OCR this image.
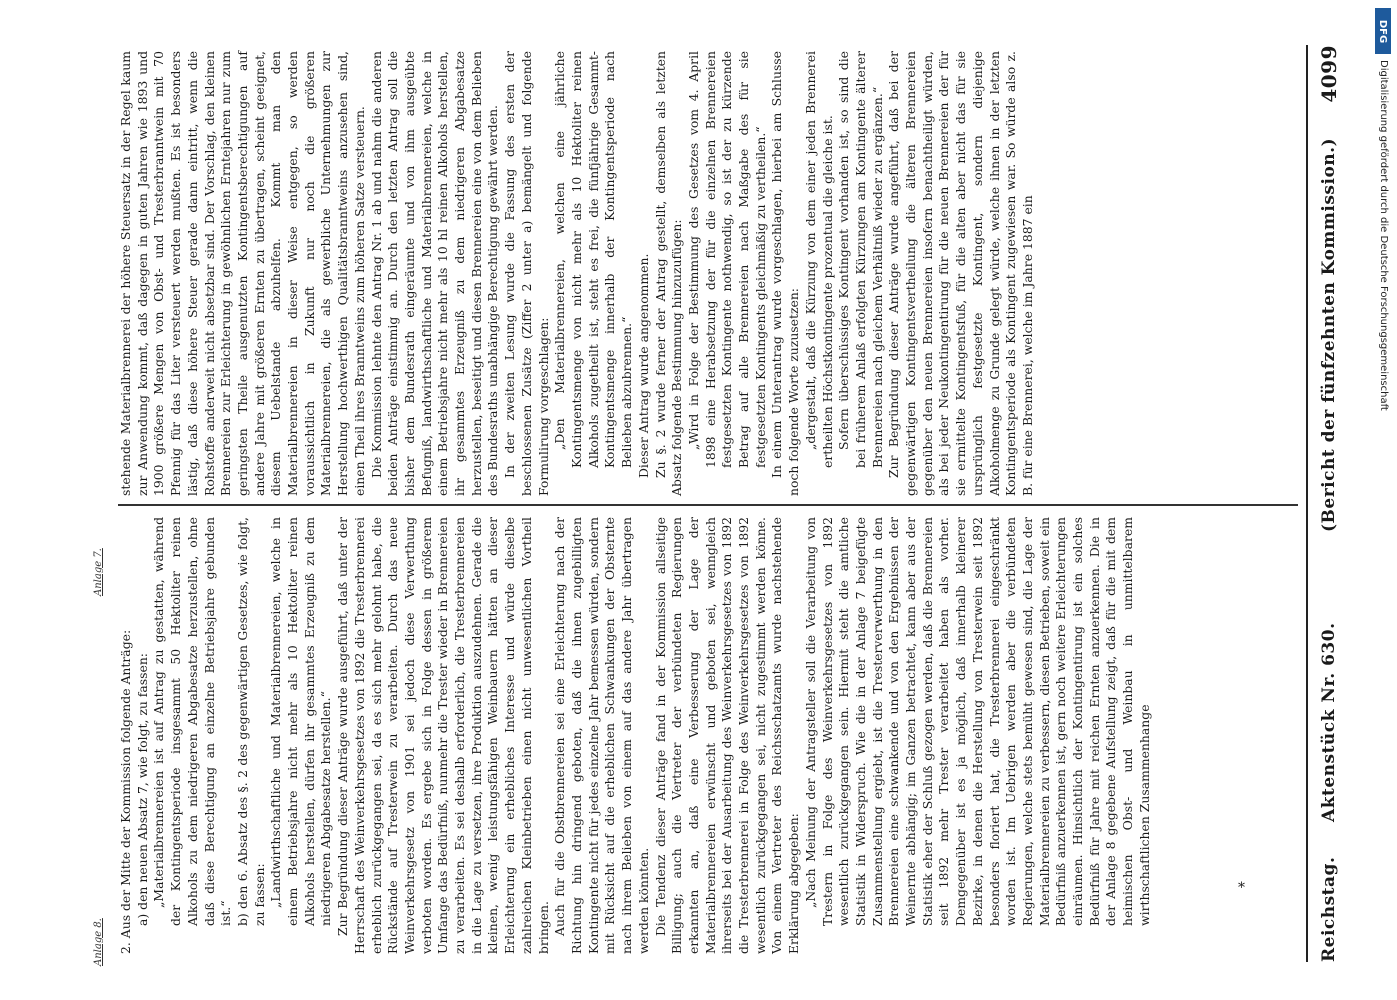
Reichstag.
Aktenstück Nr. 630.
(Bericht der fünfzehnten Kommission.)
4099

2. Aus der Mitte der Kommission folgende Anträge: a) den neuen Absatz 7, wie folgt, zu fassen: „Materialbrennereien ist auf Antrag zu gestatten, während der Kontingentsperiode insgesammt 50 Hektoliter reinen Alkohols zu dem niedrigeren Abgabesatze herzustellen, ohne daß diese Berechtigung an einzelne Betriebsjahre gebunden ist.“ b) den 6. Absatz des §. 2 des gegenwärtigen Gesetzes, wie folgt, zu fassen: „Landwirthschaftliche und Materialbrennereien, welche in einem Betriebsjahre nicht mehr als 10 Hektoliter reinen Alkohols herstellen, dürfen ihr gesammtes Erzeugniß zu dem niedrigeren Abgabesatze herstellen.“ Zur Begründung dieser Anträge wurde ausgeführt, daß unter der Herrschaft des Weinverkehrsgesetzes von 1892 die Tresterbrennerei erheblich zurückgegangen sei, da es sich mehr gelohnt habe, die Rückstände auf Tresterwein zu verarbeiten. Durch das neue Weinverkehrsgesetz von 1901 sei jedoch diese Verwerthung verboten worden. Es ergebe sich in Folge dessen in größerem Umfange das Bedürfniß, nunmehr die Trester wieder in Brennereien zu verarbeiten. Es sei deshalb erforderlich, die Tresterbrennereien in die Lage zu versetzen, ihre Produktion auszudehnen. Gerade die kleinen, wenig leistungsfähigen Weinbauern hätten an dieser Erleichterung ein erhebliches Interesse und würde dieselbe zahlreichen Kleinbetrieben einen nicht unwesentlichen Vortheil bringen. Auch für die Obstbrennereien sei eine Erleichterung nach der Richtung hin dringend geboten, daß die ihnen zugebilligten Kontingente nicht für jedes einzelne Jahr bemessen würden, sondern mit Rücksicht auf die erheblichen Schwankungen der Obsternte nach ihrem Belieben von einem auf das andere Jahr übertragen werden könnten. Die Tendenz dieser Anträge fand in der Kommission allseitige Billigung; auch die Vertreter der verbündeten Regierungen erkannten an, daß eine Verbesserung der Lage der Materialbrennereien erwünscht und geboten sei, wenngleich ihrerseits bei der Ausarbeitung des Weinverkehrsgesetzes von 1892 die Tresterbrennerei in Folge des Weinverkehrsgesetzes von 1892 wesentlich zurückgegangen sei, nicht zugestimmt werden könne. Von einem Vertreter des Reichsschatzamts wurde nachstehende Erklärung abgegeben: „Nach Meinung der Antragsteller soll die Verarbeitung von Trestern in Folge des Weinverkehrsgesetzes von 1892 wesentlich zurückgegangen sein. Hiermit steht die amtliche Statistik in Widerspruch. Wie die in der Anlage 7 beigefügte Zusammenstellung ergiebt, ist die Tresterverwerthung in den Brennereien eine schwankende und von den Ergebnissen der Weinernte abhängig; im Ganzen betrachtet, kann aber aus der Statistik eher der Schluß gezogen werden, daß die Brennereien seit 1892 mehr Trester verarbeitet haben als vorher. Demgegenüber ist es ja möglich, daß innerhalb kleinerer Bezirke, in denen die Herstellung von Tresterwein seit 1892 besonders floriert hat, die Tresterbrennerei eingeschränkt worden ist. Im Uebrigen werden aber die verbündeten Regierungen, welche stets bemüht gewesen sind, die Lage der Materialbrennereien zu verbessern, diesen Betrieben, soweit ein Bedürfniß anzuerkennen ist, gern noch weitere Erleichterungen einräumen. Hinsichtlich der Kontingentirung ist ein solches Bedürfniß für Jahre mit reichen Ernten anzuerkennen. Die in der Anlage 8 gegebene Aufstellung zeigt, daß für die mit dem heimischen Obst- und Weinbau in unmittelbarem wirthschaftlichen Zusammenhange

stehende Materialbrennerei der höhere Steuersatz in der Regel kaum zur Anwendung kommt, daß dagegen in guten Jahren wie 1893 und 1900 größere Mengen von Obst- und Tresterbranntwein mit 70 Pfennig für das Liter versteuert werden mußten. Es ist besonders lästig, daß diese höhere Steuer gerade dann eintritt, wenn die Rohstoffe anderweit nicht absetzbar sind. Der Vorschlag, den kleinen Brennereien zur Erleichterung in gewöhnlichen Erntejahren nur zum geringsten Theile ausgenutzten Kontingentsberechtigungen auf andere Jahre mit größeren Ernten zu übertragen, scheint geeignet, diesem Uebelstande abzuhelfen. Kommt man den Materialbrennereien in dieser Weise entgegen, so werden voraussichtlich in Zukunft nur noch die größeren Materialbrennereien, die als gewerbliche Unternehmungen zur Herstellung hochwerthigen Qualitätsbranntweins anzusehen sind, einen Theil ihres Branntweins zum höheren Satze versteuern. Die Kommission lehnte den Antrag Nr. 1 ab und nahm die anderen beiden Anträge einstimmig an. Durch den letzten Antrag soll die bisher dem Bundesrath eingeräumte und von ihm ausgeübte Befugniß, landwirthschaftliche und Materialbrennereien, welche in einem Betriebsjahre nicht mehr als 10 hl reinen Alkohols herstellen, ihr gesammtes Erzeugniß zu dem niedrigeren Abgabesatze herzustellen, beseitigt und diesen Brennereien eine von dem Belieben des Bundesraths unabhängige Berechtigung gewährt werden. In der zweiten Lesung wurde die Fassung des ersten der beschlossenen Zusätze (Ziffer 2 unter a) bemängelt und folgende Formulirung vorgeschlagen: „Den Materialbrennereien, welchen eine jährliche Kontingentsmenge von nicht mehr als 10 Hektoliter reinen Alkohols zugetheilt ist, steht es frei, die fünfjährige Gesammt-Kontingentsmenge innerhalb der Kontingentsperiode nach Belieben abzubrennen.“ Dieser Antrag wurde angenommen. Zu §. 2 wurde ferner der Antrag gestellt, demselben als letzten Absatz folgende Bestimmung hinzuzufügen: „Wird in Folge der Bestimmung des Gesetzes vom 4. April 1898 eine Herabsetzung der für die einzelnen Brennereien festgesetzten Kontingente nothwendig, so ist der zu kürzende Betrag auf alle Brennereien nach Maßgabe des für sie festgesetzten Kontingents gleichmäßig zu vertheilen.“ In einem Unterantrag wurde vorgeschlagen, hierbei am Schlusse noch folgende Worte zuzusetzen: „dergestalt, daß die Kürzung von dem einer jeden Brennerei ertheilten Höchstkontingente prozentual die gleiche ist. Sofern überschüssiges Kontingent vorhanden ist, so sind die bei früherem Anlaß erfolgten Kürzungen am Kontingente älterer Brennereien nach gleichem Verhältniß wieder zu ergänzen.“ Zur Begründung dieser Anträge wurde angeführt, daß bei der gegenwärtigen Kontingentsvertheilung die älteren Brennereien gegenüber den neuen Brennereien insofern benachtheiligt würden, als bei jeder Neukontingentirung für die neuen Brennereien der für sie ermittelte Kontingentsfuß, für die alten aber nicht das für sie ursprünglich festgesetzte Kontingent, sondern diejenige Alkoholmenge zu Grunde gelegt würde, welche ihnen in der letzten Kontingentsperiode als Kontingent zugewiesen war. So würde also z. B. für eine Brennerei, welche im Jahre 1887 ein

Anlage 7.
Anlage 8.
DFG
Digitalisierung gefördert durch die Deutsche Forschungsgemeinschaft
*
